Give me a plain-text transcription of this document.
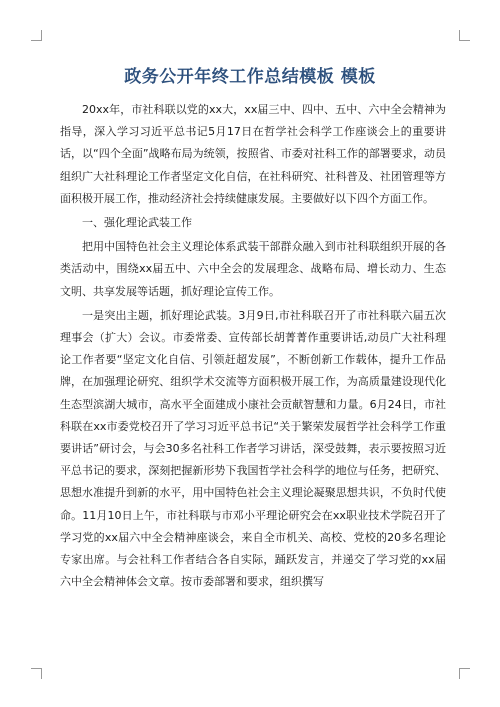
政务公开年终工作总结模板 模板

20xx年，市社科联以党的xx大，xx届三中、四中、五中、六中全会精神为指导，深入学习习近平总书记5月17日在哲学社会科学工作座谈会上的重要讲话，以“四个全面”战略布局为统领，按照省、市委对社科工作的部署要求，动员组织广大社科理论工作者坚定文化自信，在社科研究、社科普及、社团管理等方面积极开展工作，推动经济社会持续健康发展。主要做好以下四个方面工作。

一、强化理论武装工作

把用中国特色社会主义理论体系武装干部群众融入到市社科联组织开展的各类活动中，围绕xx届五中、六中全会的发展理念、战略布局、增长动力、生态文明、共享发展等话题，抓好理论宣传工作。

一是突出主题，抓好理论武装。3月9日,市社科联召开了市社科联六届五次理事会（扩大）会议。市委常委、宣传部长胡菁菁作重要讲话,动员广大社科理论工作者要“坚定文化自信、引领赶超发展”，不断创新工作载体，提升工作品牌，在加强理论研究、组织学术交流等方面积极开展工作，为高质量建设现代化生态型滨湖大城市，高水平全面建成小康社会贡献智慧和力量。6月24日，市社科联在xx市委党校召开了学习习近平总书记“关于繁荣发展哲学社会科学工作重要讲话”研讨会，与会30多名社科工作者学习讲话，深受鼓舞，表示要按照习近平总书记的要求，深刻把握新形势下我国哲学社会科学的地位与任务，把研究、思想水准提升到新的水平，用中国特色社会主义理论凝聚思想共识，不负时代使命。11月10日上午，市社科联与市邓小平理论研究会在xx职业技术学院召开了学习党的xx届六中全会精神座谈会，来自全市机关、高校、党校的20多名理论专家出席。与会社科工作者结合各自实际，踊跃发言，并递交了学习党的xx届六中全会精神体会文章。按市委部署和要求，组织撰写
